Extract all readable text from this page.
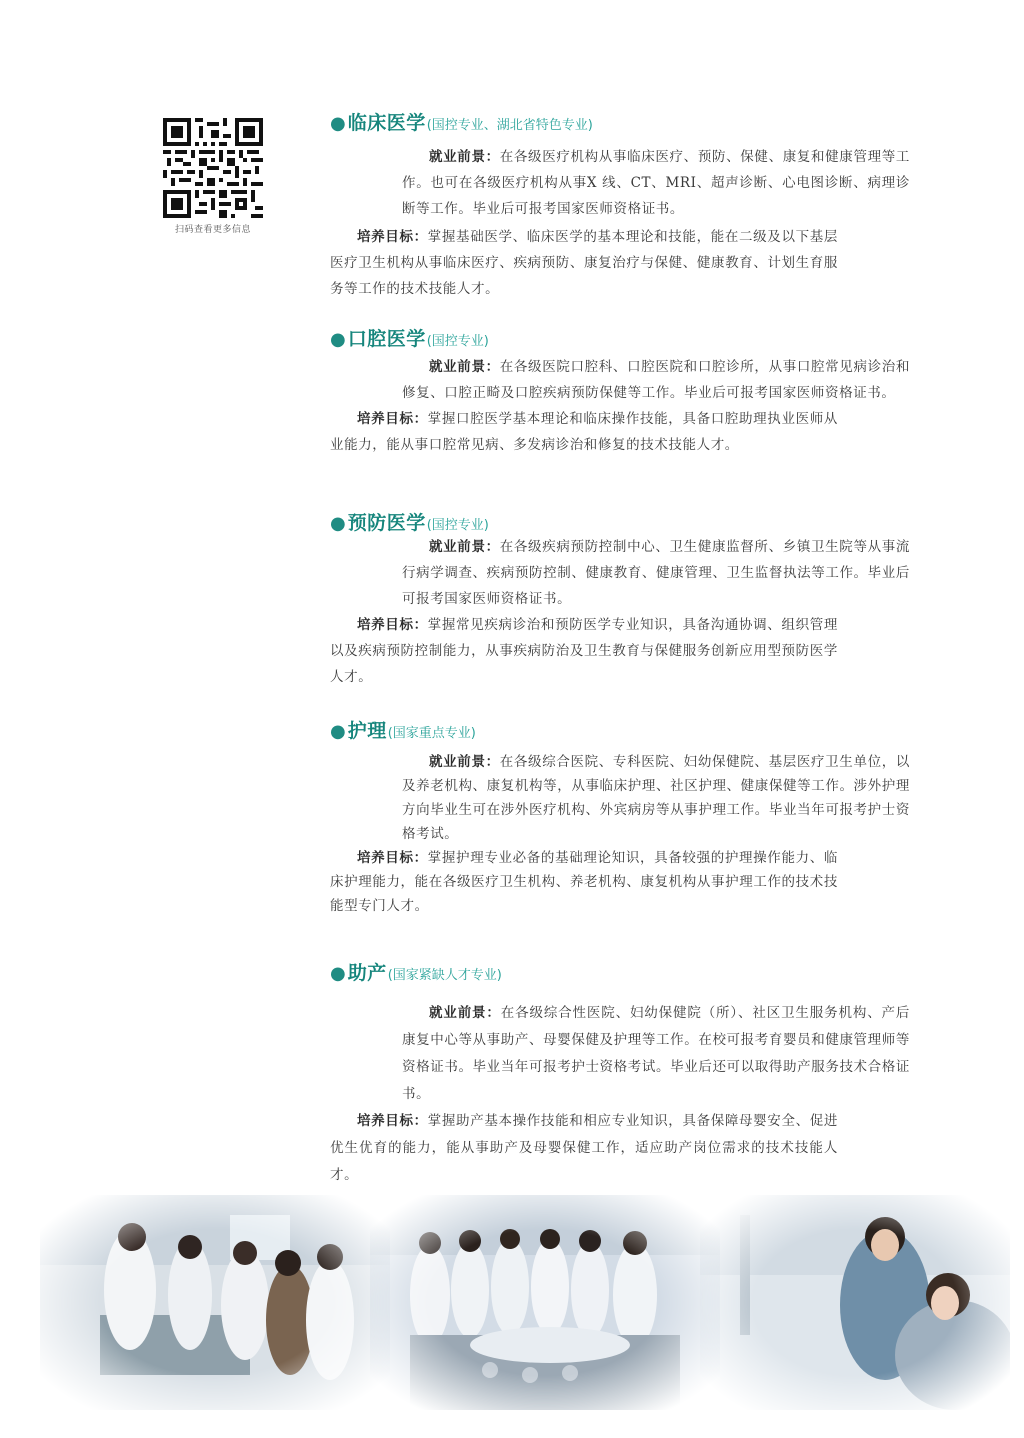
扫码查看更多信息
● 临床医学 (国控专业、湖北省特色专业)

就业前景：在各级医疗机构从事临床医疗、预防、保健、康复和健康管理等工作。也可在各级医疗机构从事X 线、CT、MRI、超声诊断、心电图诊断、病理诊断等工作。毕业后可报考国家医师资格证书。

培养目标：掌握基础医学、临床医学的基本理论和技能，能在二级及以下基层医疗卫生机构从事临床医疗、疾病预防、康复治疗与保健、健康教育、计划生育服务等工作的技术技能人才。

● 口腔医学 (国控专业)

就业前景：在各级医院口腔科、口腔医院和口腔诊所，从事口腔常见病诊治和修复、口腔正畸及口腔疾病预防保健等工作。毕业后可报考国家医师资格证书。

培养目标：掌握口腔医学基本理论和临床操作技能，具备口腔助理执业医师从业能力，能从事口腔常见病、多发病诊治和修复的技术技能人才。

● 预防医学 (国控专业)

就业前景：在各级疾病预防控制中心、卫生健康监督所、乡镇卫生院等从事流行病学调查、疾病预防控制、健康教育、健康管理、卫生监督执法等工作。毕业后可报考国家医师资格证书。

培养目标：掌握常见疾病诊治和预防医学专业知识，具备沟通协调、组织管理以及疾病预防控制能力，从事疾病防治及卫生教育与保健服务创新应用型预防医学人才。

● 护理 (国家重点专业)

就业前景：在各级综合医院、专科医院、妇幼保健院、基层医疗卫生单位，以及养老机构、康复机构等，从事临床护理、社区护理、健康保健等工作。涉外护理方向毕业生可在涉外医疗机构、外宾病房等从事护理工作。毕业当年可报考护士资格考试。

培养目标：掌握护理专业必备的基础理论知识，具备较强的护理操作能力、临床护理能力，能在各级医疗卫生机构、养老机构、康复机构从事护理工作的技术技能型专门人才。

● 助产 (国家紧缺人才专业)

就业前景：在各级综合性医院、妇幼保健院（所）、社区卫生服务机构、产后康复中心等从事助产、母婴保健及护理等工作。在校可报考育婴员和健康管理师等资格证书。毕业当年可报考护士资格考试。毕业后还可以取得助产服务技术合格证书。

培养目标：掌握助产基本操作技能和相应专业知识，具备保障母婴安全、促进优生优育的能力，能从事助产及母婴保健工作，适应助产岗位需求的技术技能人才。
